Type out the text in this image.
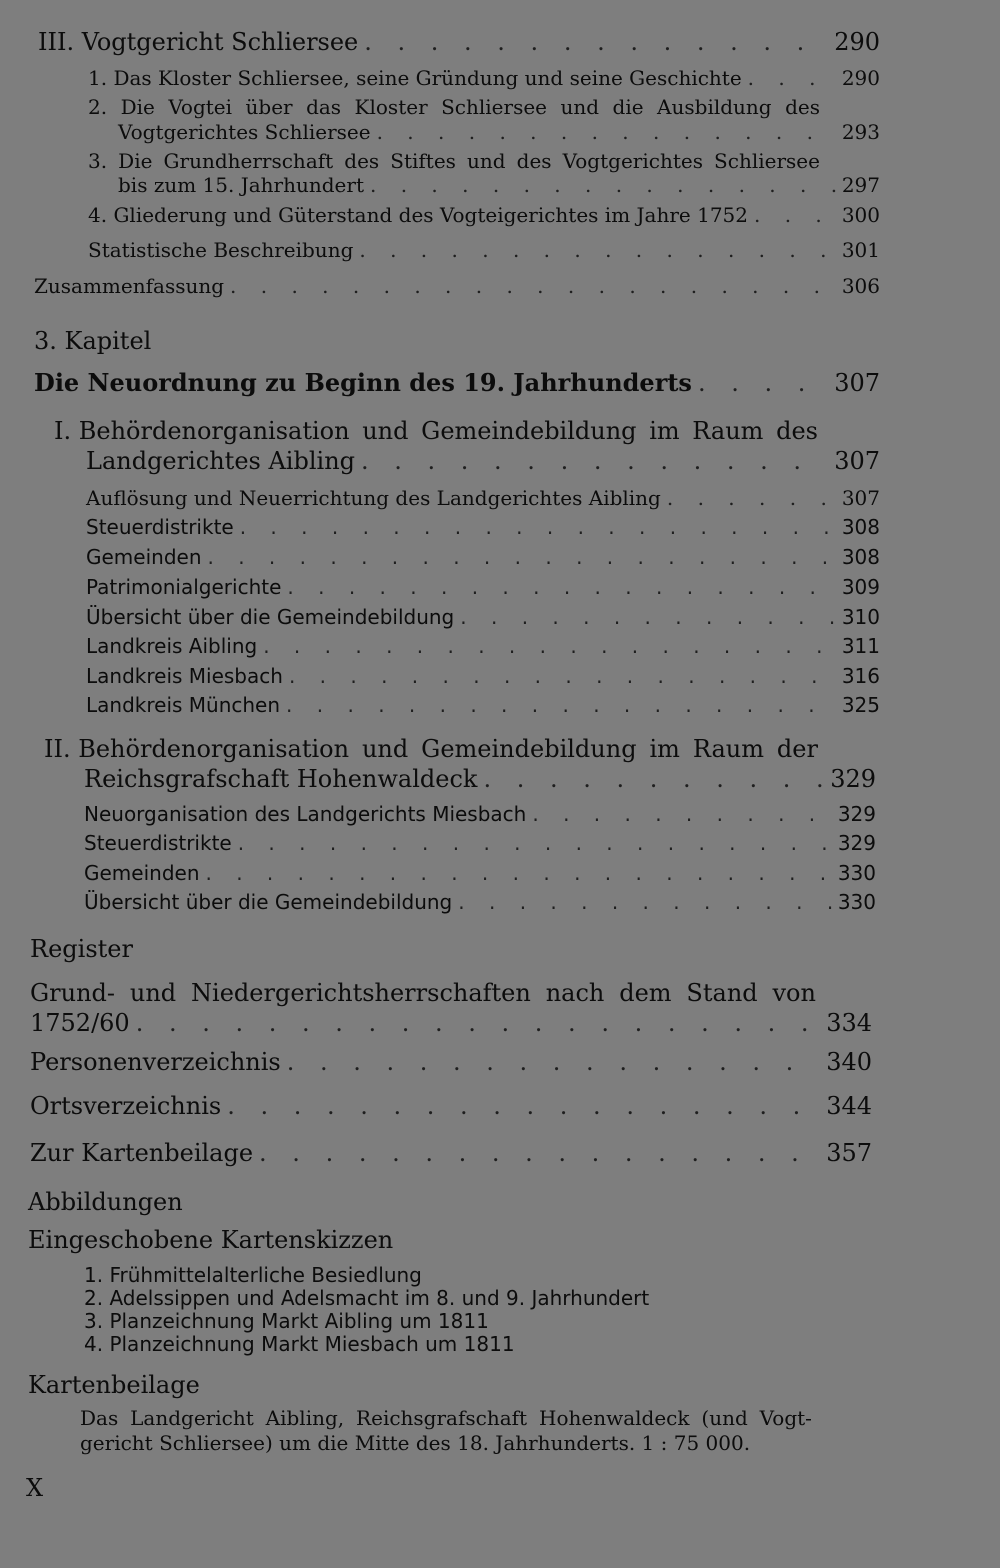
III. Vogtgericht Schliersee . . .	290
1. Das Kloster Schliersee, seine Gründung und seine Geschichte . . .	290
2. Die Vogtei über das Kloster Schliersee und die Ausbildung des
Vogtgerichtes Schliersee . . .	293
3. Die Grundherrschaft des Stiftes und des Vogtgerichtes Schliersee
bis zum 15. Jahrhundert . . .	297
4. Gliederung und Güterstand des Vogteigerichtes im Jahre 1752 . . .	300
Statistische Beschreibung . . .	301
Zusammenfassung . . .	306
3. Kapitel
Die Neuordnung zu Beginn des 19. Jahrhunderts . . .	307
I. Behördenorganisation und Gemeindebildung im Raum des
Landgerichtes Aibling . . .	307
Auflösung und Neuerrichtung des Landgerichtes Aibling . . .	307
Steuerdistrikte . . .	308
Gemeinden . . .	308
Patrimonialgerichte . . .	309
Übersicht über die Gemeindebildung . . .	310
Landkreis Aibling . . .	311
Landkreis Miesbach . . .	316
Landkreis München . . .	325
II. Behördenorganisation und Gemeindebildung im Raum der
Reichsgrafschaft Hohenwaldeck . . .	329
Neuorganisation des Landgerichts Miesbach . . .	329
Steuerdistrikte . . .	329
Gemeinden . . .	330
Übersicht über die Gemeindebildung . . .	330
Register
Grund- und Niedergerichtsherrschaften nach dem Stand von
1752/60 . . .	334
Personenverzeichnis . . .	340
Ortsverzeichnis . . .	344
Zur Kartenbeilage . . .	357
Abbildungen
Eingeschobene Kartenskizzen
1. Frühmittelalterliche Besiedlung
2. Adelssippen und Adelsmacht im 8. und 9. Jahrhundert
3. Planzeichnung Markt Aibling um 1811
4. Planzeichnung Markt Miesbach um 1811
Kartenbeilage
Das Landgericht Aibling, Reichsgrafschaft Hohenwaldeck (und Vogt-
gericht Schliersee) um die Mitte des 18. Jahrhunderts. 1 : 75 000.
X
